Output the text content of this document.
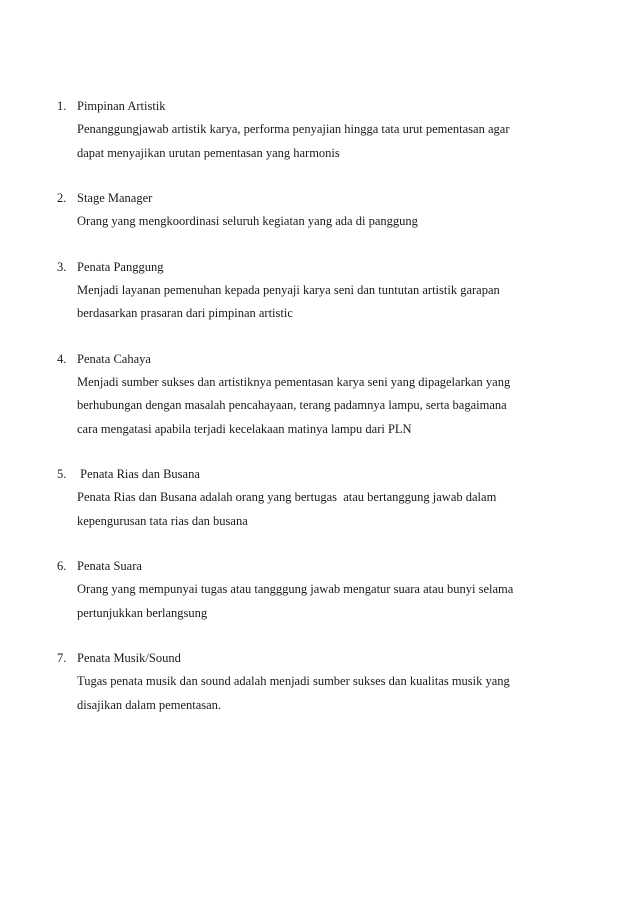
1. Pimpinan Artistik
Penanggungjawab artistik karya, performa penyajian hingga tata urut pementasan agar
dapat menyajikan urutan pementasan yang harmonis
2. Stage Manager
Orang yang mengkoordinasi seluruh kegiatan yang ada di panggung
3. Penata Panggung
Menjadi layanan pemenuhan kepada penyaji karya seni dan tuntutan artistik garapan
berdasarkan prasaran dari pimpinan artistic
4. Penata Cahaya
Menjadi sumber sukses dan artistiknya pementasan karya seni yang dipagelarkan yang
berhubungan dengan masalah pencahayaan, terang padamnya lampu, serta bagaimana
cara mengatasi apabila terjadi kecelakaan matinya lampu dari PLN
5. Penata Rias dan Busana
Penata Rias dan Busana adalah orang yang bertugas  atau bertanggung jawab dalam
kepengurusan tata rias dan busana
6. Penata Suara
Orang yang mempunyai tugas atau tangggung jawab mengatur suara atau bunyi selama
pertunjukkan berlangsung
7. Penata Musik/Sound
Tugas penata musik dan sound adalah menjadi sumber sukses dan kualitas musik yang
disajikan dalam pementasan.
